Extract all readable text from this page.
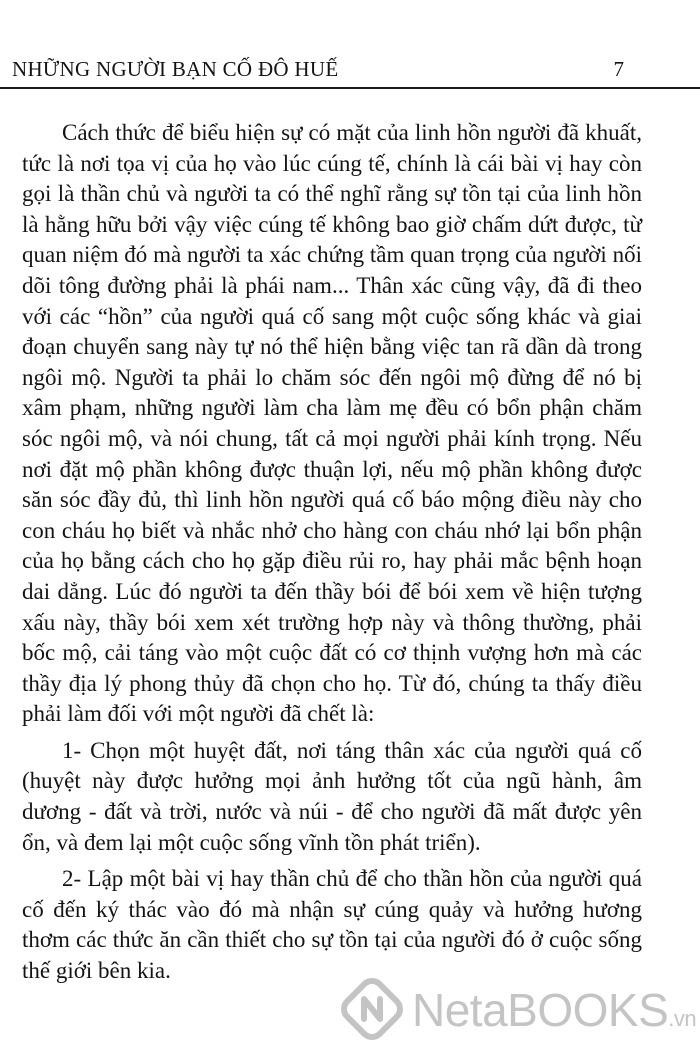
NHỮNG NGƯỜI BẠN CỐ ĐÔ HUẾ	7

Cách thức để biểu hiện sự có mặt của linh hồn người đã khuất, tức là nơi tọa vị của họ vào lúc cúng tế, chính là cái bài vị hay còn gọi là thần chủ và người ta có thể nghĩ rằng sự tồn tại của linh hồn là hằng hữu bởi vậy việc cúng tế không bao giờ chấm dứt được, từ quan niệm đó mà người ta xác chứng tầm quan trọng của người nối dõi tông đường phải là phái nam... Thân xác cũng vậy, đã đi theo với các “hồn” của người quá cố sang một cuộc sống khác và giai đoạn chuyển sang này tự nó thể hiện bằng việc tan rã dần dà trong ngôi mộ. Người ta phải lo chăm sóc đến ngôi mộ đừng để nó bị xâm phạm, những người làm cha làm mẹ đều có bổn phận chăm sóc ngôi mộ, và nói chung, tất cả mọi người phải kính trọng. Nếu nơi đặt mộ phần không được thuận lợi, nếu mộ phần không được săn sóc đầy đủ, thì linh hồn người quá cố báo mộng điều này cho con cháu họ biết và nhắc nhở cho hàng con cháu nhớ lại bổn phận của họ bằng cách cho họ gặp điều rủi ro, hay phải mắc bệnh hoạn dai dẳng. Lúc đó người ta đến thầy bói để bói xem về hiện tượng xấu này, thầy bói xem xét trường hợp này và thông thường, phải bốc mộ, cải táng vào một cuộc đất có cơ thịnh vượng hơn mà các thầy địa lý phong thủy đã chọn cho họ. Từ đó, chúng ta thấy điều phải làm đối với một người đã chết là:

1- Chọn một huyệt đất, nơi táng thân xác của người quá cố (huyệt này được hưởng mọi ảnh hưởng tốt của ngũ hành, âm dương - đất và trời, nước và núi - để cho người đã mất được yên ổn, và đem lại một cuộc sống vĩnh tồn phát triển).

2- Lập một bài vị hay thần chủ để cho thần hồn của người quá cố đến ký thác vào đó mà nhận sự cúng quảy và hưởng hương thơm các thức ăn cần thiết cho sự tồn tại của người đó ở cuộc sống thế giới bên kia.

NetaBOOKS.vn
